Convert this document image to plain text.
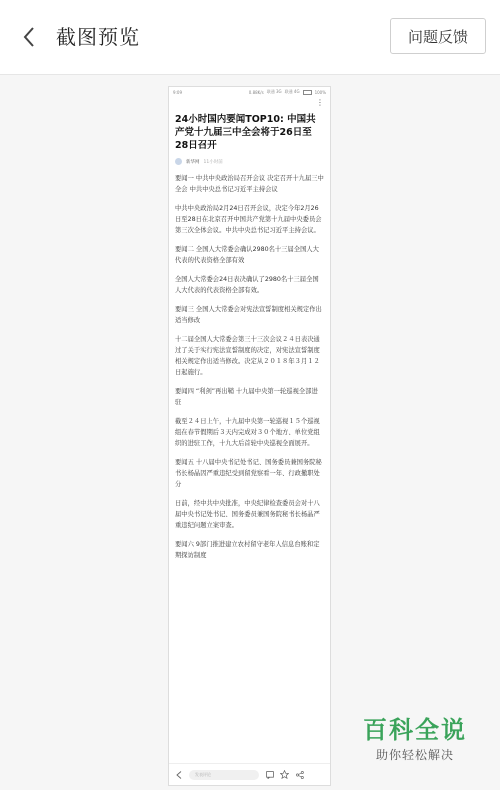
截图预览	问题反馈
9:09	0.88K/s 联通 3G 联通 4G	100%
⋮
24小时国内要闻TOP10: 中国共产党十九届三中全会将于26日至28日召开
新华网 11小时前

要闻一 中共中央政治局召开会议 决定召开十九届三中全会 中共中央总书记习近平主持会议

中共中央政治局2月24日召开会议，决定今年2月26日至28日在北京召开中国共产党第十九届中央委员会第三次全体会议。中共中央总书记习近平主持会议。

要闻二 全国人大常委会确认2980名十三届全国人大代表的代表资格全部有效

全国人大常委会24日表决确认了2980名十三届全国人大代表的代表资格全部有效。

要闻三 全国人大常委会对宪法宣誓制度相关规定作出适当修改

十二届全国人大常委会第三十三次会议２４日表决通过了关于实行宪法宣誓制度的决定，对宪法宣誓制度相关规定作出适当修改。决定从２０１８年３月１２日起施行。

要闻四 “利剑”再出鞘 十九届中央第一轮巡视全部进驻

截至２４日上午，十九届中央第一轮巡视１５个巡视组在春节假期后３天内完成对３０个地方、单位党组织的进驻工作，十九大后首轮中央巡视全面展开。

要闻五 十八届中央书记处书记、国务委员兼国务院秘书长杨晶因严重违纪受到留党察看一年、行政撤职处分

日前，经中共中央批准，中央纪律检查委员会对十八届中央书记处书记、国务委员兼国务院秘书长杨晶严重违纪问题立案审查。

要闻六 9部门推进建立农村留守老年人信息台账和定期探访制度

发表评论
百科全说
助你轻松解决
